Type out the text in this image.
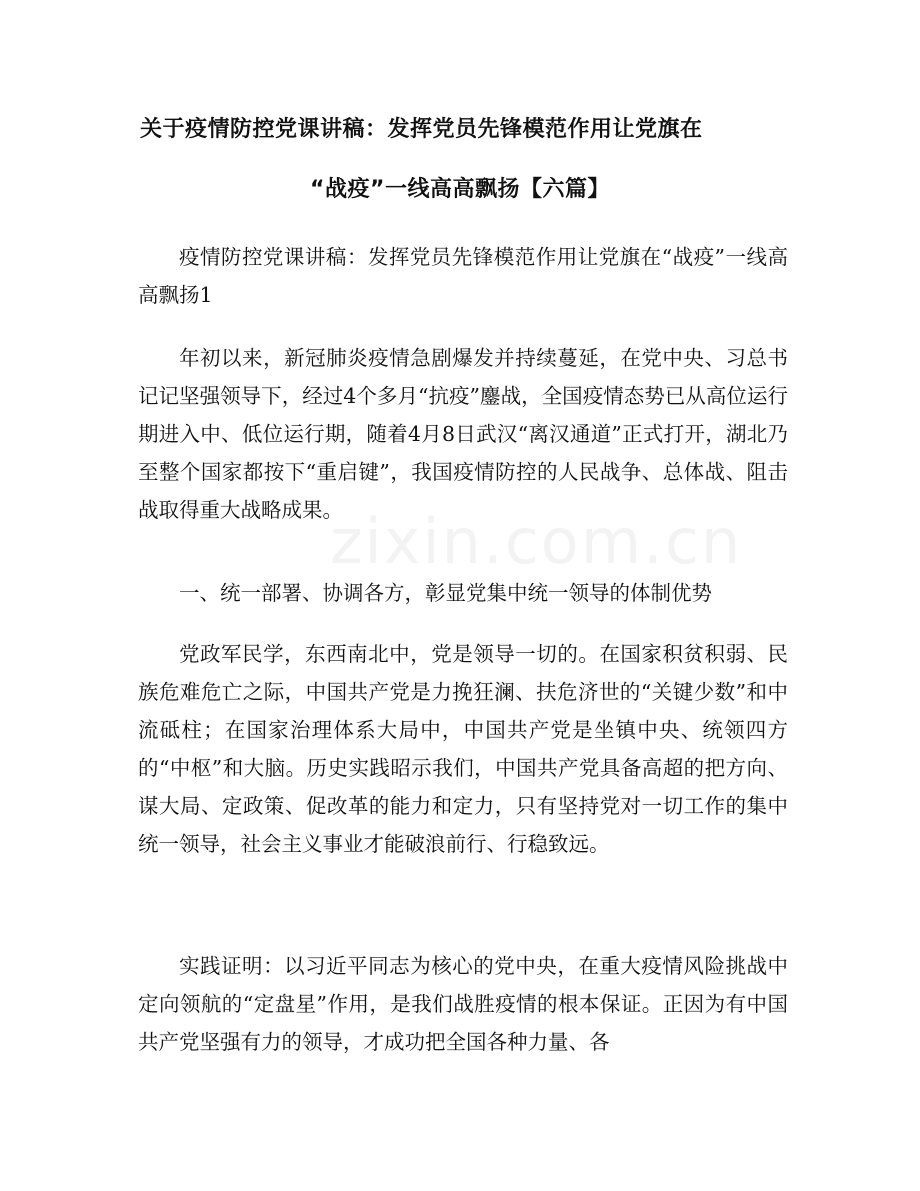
关于疫情防控党课讲稿：发挥党员先锋模范作用让党旗在
“战疫”一线高高飘扬【六篇】

疫情防控党课讲稿：发挥党员先锋模范作用让党旗在“战疫”一线高高飘扬1

年初以来，新冠肺炎疫情急剧爆发并持续蔓延，在党中央、习总书记记坚强领导下，经过4个多月“抗疫”鏖战，全国疫情态势已从高位运行期进入中、低位运行期，随着4月8日武汉“离汉通道”正式打开，湖北乃至整个国家都按下“重启键”，我国疫情防控的人民战争、总体战、阻击战取得重大战略成果。

一、统一部署、协调各方，彰显党集中统一领导的体制优势

党政军民学，东西南北中，党是领导一切的。在国家积贫积弱、民族危难危亡之际，中国共产党是力挽狂澜、扶危济世的“关键少数”和中流砥柱；在国家治理体系大局中，中国共产党是坐镇中央、统领四方的“中枢”和大脑。历史实践昭示我们，中国共产党具备高超的把方向、谋大局、定政策、促改革的能力和定力，只有坚持党对一切工作的集中统一领导，社会主义事业才能破浪前行、行稳致远。

实践证明：以习近平同志为核心的党中央，在重大疫情风险挑战中定向领航的“定盘星”作用，是我们战胜疫情的根本保证。正因为有中国共产党坚强有力的领导，才成功把全国各种力量、各

zixin.com.cn
